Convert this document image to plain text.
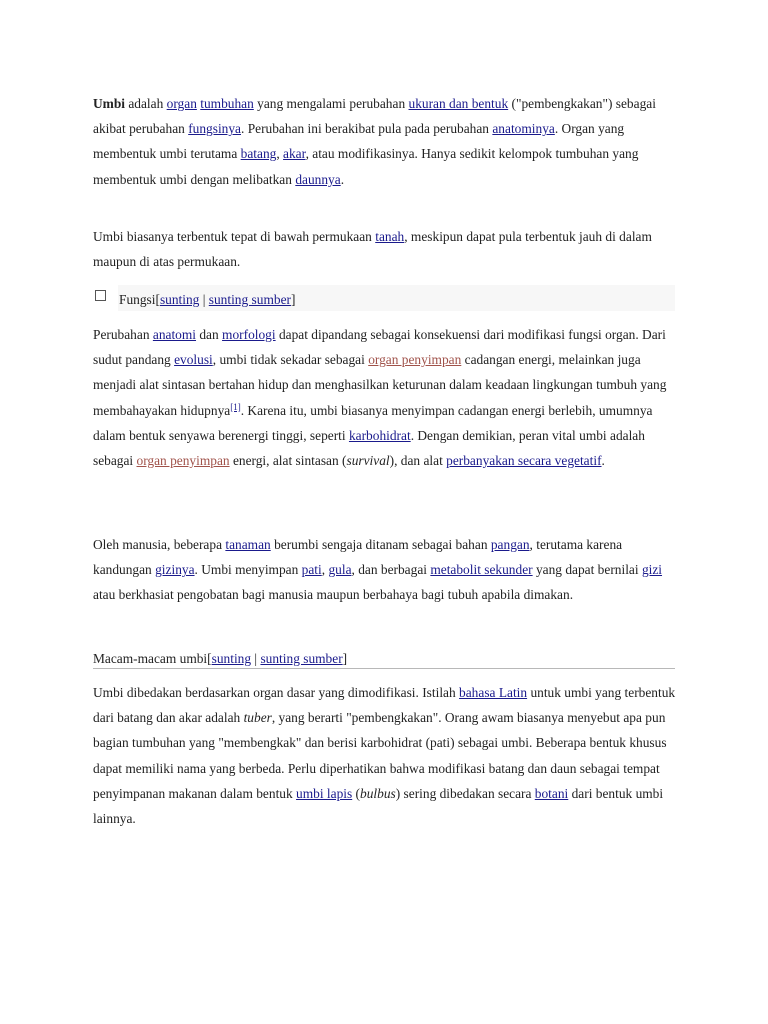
Umbi adalah organ tumbuhan yang mengalami perubahan ukuran dan bentuk ("pembengkakan") sebagai akibat perubahan fungsinya. Perubahan ini berakibat pula pada perubahan anatominya. Organ yang membentuk umbi terutama batang, akar, atau modifikasinya. Hanya sedikit kelompok tumbuhan yang membentuk umbi dengan melibatkan daunnya.

Umbi biasanya terbentuk tepat di bawah permukaan tanah, meskipun dapat pula terbentuk jauh di dalam maupun di atas permukaan.

Fungsi[sunting | sunting sumber]

Perubahan anatomi dan morfologi dapat dipandang sebagai konsekuensi dari modifikasi fungsi organ. Dari sudut pandang evolusi, umbi tidak sekadar sebagai organ penyimpan cadangan energi, melainkan juga menjadi alat sintasan bertahan hidup dan menghasilkan keturunan dalam keadaan lingkungan tumbuh yang membahayakan hidupnya[1]. Karena itu, umbi biasanya menyimpan cadangan energi berlebih, umumnya dalam bentuk senyawa berenergi tinggi, seperti karbohidrat. Dengan demikian, peran vital umbi adalah sebagai organ penyimpan energi, alat sintasan (survival), dan alat perbanyakan secara vegetatif.

Oleh manusia, beberapa tanaman berumbi sengaja ditanam sebagai bahan pangan, terutama karena kandungan gizinya. Umbi menyimpan pati, gula, dan berbagai metabolit sekunder yang dapat bernilai gizi atau berkhasiat pengobatan bagi manusia maupun berbahaya bagi tubuh apabila dimakan.

Macam-macam umbi[sunting | sunting sumber]

Umbi dibedakan berdasarkan organ dasar yang dimodifikasi. Istilah bahasa Latin untuk umbi yang terbentuk dari batang dan akar adalah tuber, yang berarti "pembengkakan". Orang awam biasanya menyebut apa pun bagian tumbuhan yang "membengkak" dan berisi karbohidrat (pati) sebagai umbi. Beberapa bentuk khusus dapat memiliki nama yang berbeda. Perlu diperhatikan bahwa modifikasi batang dan daun sebagai tempat penyimpanan makanan dalam bentuk umbi lapis (bulbus) sering dibedakan secara botani dari bentuk umbi lainnya.
